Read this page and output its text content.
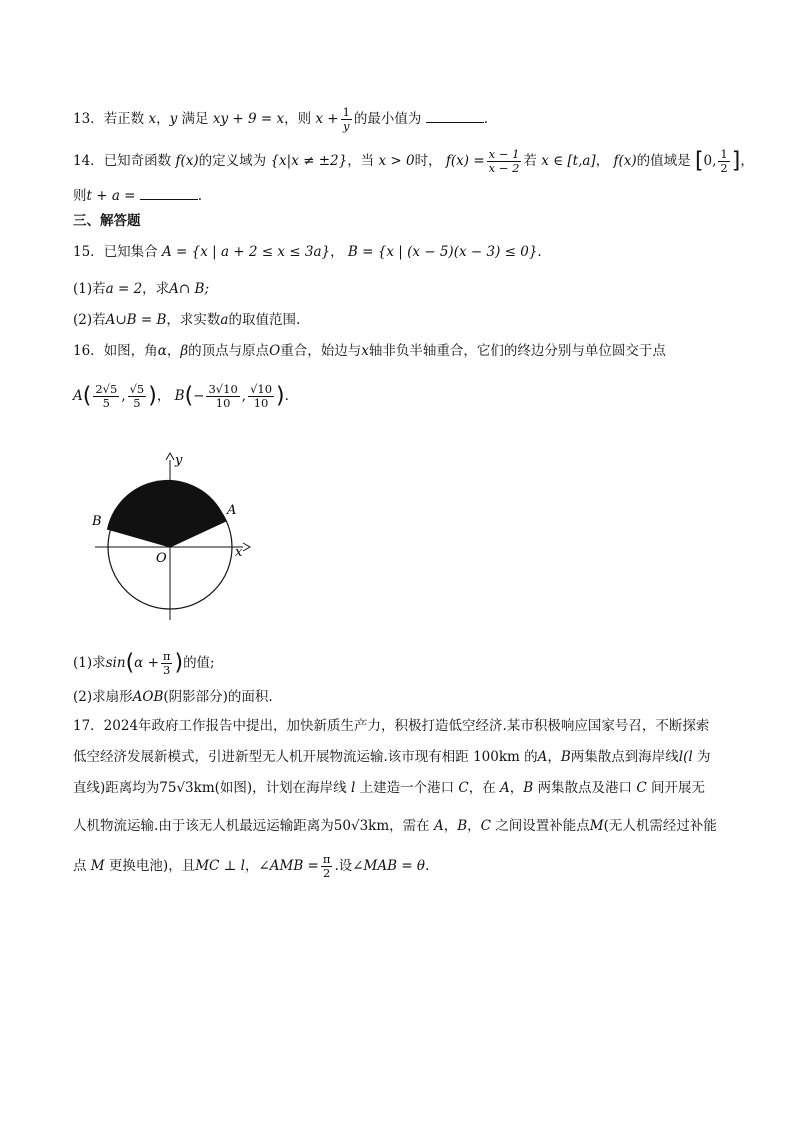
13．若正数 x，y 满足 xy + 9 = x，则 $x + \frac{1}{y}$ 的最小值为	.
14．已知奇函数 f(x)的定义域为 {x|x ≠ ±2}，当 x > 0时， $f(x) = \frac{x - 1}{x - 2}$ 若 x ∈ [t,a]， f(x)的值域是 [0, $\frac{1}{2}$ ]，
则t + a =	.
三、解答题
15．已知集合 A = {x | a + 2 ≤ x ≤ 3a}， B = {x | (x − 5)(x − 3) ≤ 0}.
(1)若a = 2，求A∩ B;
(2)若A∪B = B，求实数a的取值范围.
16．如图，角α，β的顶点与原点O重合，始边与x轴非负半轴重合，它们的终边分别与单位圆交于点
$A( \frac{2√5}{5}$ , $\frac{√5}{5}$ )， $B(- \frac{3√10}{10}$ , $\frac{√10}{10}$ ).
y
x
A
B
O
(1)求$\sin(\alpha + \frac{\pi}{3}$ )的值;
(2)求扇形AOB(阴影部分)的面积.
17．2024年政府工作报告中提出，加快新质生产力，积极打造低空经济.某市积极响应国家号召，不断探索
低空经济发展新模式，引进新型无人机开展物流运输.该市现有相距 100km 的A，B两集散点到海岸线l(l 为
直线)距离均为75√3km(如图)，计划在海岸线 l 上建造一个港口 C，在 A，B 两集散点及港口 C 间开展无
人机物流运输.由于该无人机最远运输距离为50√3km，需在 A，B，C 之间设置补能点M(无人机需经过补能
点 M 更换电池)，且MC ⊥ l，∠AMB = $\frac{\pi}{2}$ .设∠MAB = θ.
